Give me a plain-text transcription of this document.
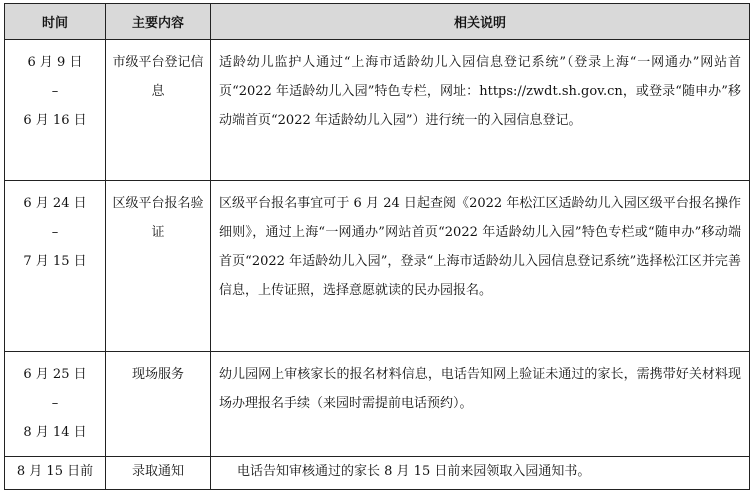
时间	主要内容	相关说明

6 月 9 日
–
6 月 16 日	市级平台登记信息	适龄幼儿监护人通过“上海市适龄幼儿入园信息登记系统”（登录上海“一网通办”网站首页“2022 年适龄幼儿入园”特色专栏，网址：https://zwdt.sh.gov.cn，或登录“随申办”移动端首页“2022 年适龄幼儿入园”）进行统一的入园信息登记。

6 月 24 日
–
7 月 15 日	区级平台报名验证	区级平台报名事宜可于 6 月 24 日起查阅《2022 年松江区适龄幼儿入园区级平台报名操作细则》，通过上海“一网通办”网站首页“2022 年适龄幼儿入园”特色专栏或“随申办”移动端首页“2022 年适龄幼儿入园”，登录“上海市适龄幼儿入园信息登记系统”选择松江区并完善信息，上传证照，选择意愿就读的民办园报名。

6 月 25 日
–
8 月 14 日	现场服务	幼儿园网上审核家长的报名材料信息，电话告知网上验证未通过的家长，需携带好关材料现场办理报名手续（来园时需提前电话预约）。
8 月 15 日前	录取通知	电话告知审核通过的家长 8 月 15 日前来园领取入园通知书。
